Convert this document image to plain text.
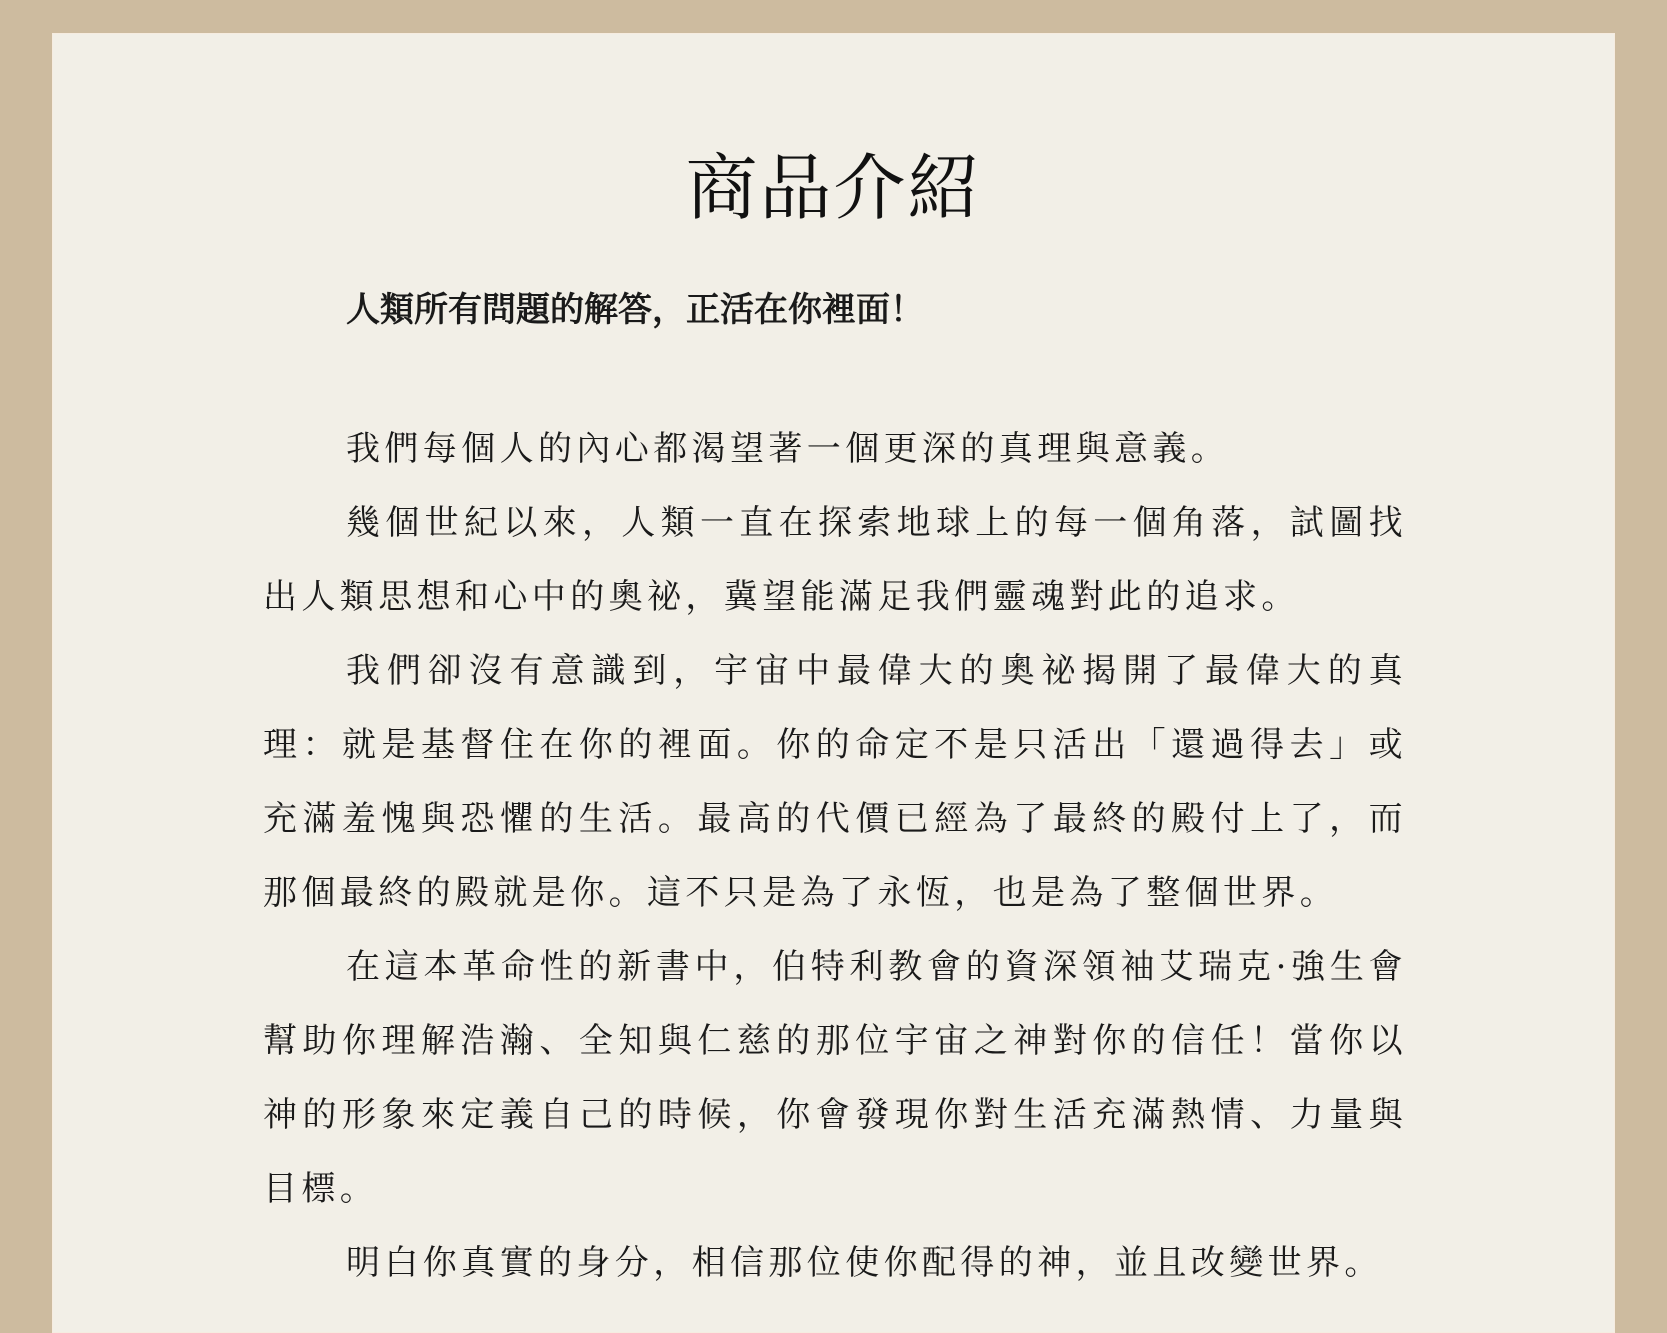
商品介紹

人類所有問題的解答，正活在你裡面！

我們每個人的內心都渴望著一個更深的真理與意義。

幾個世紀以來，人類一直在探索地球上的每一個角落，試圖找出人類思想和心中的奧祕，冀望能滿足我們靈魂對此的追求。

我們卻沒有意識到，宇宙中最偉大的奧祕揭開了最偉大的真理：就是基督住在你的裡面。你的命定不是只活出「還過得去」或充滿羞愧與恐懼的生活。最高的代價已經為了最終的殿付上了，而那個最終的殿就是你。這不只是為了永恆，也是為了整個世界。

在這本革命性的新書中，伯特利教會的資深領袖艾瑞克·強生會幫助你理解浩瀚、全知與仁慈的那位宇宙之神對你的信任！當你以神的形象來定義自己的時候，你會發現你對生活充滿熱情、力量與目標。

明白你真實的身分，相信那位使你配得的神，並且改變世界。
